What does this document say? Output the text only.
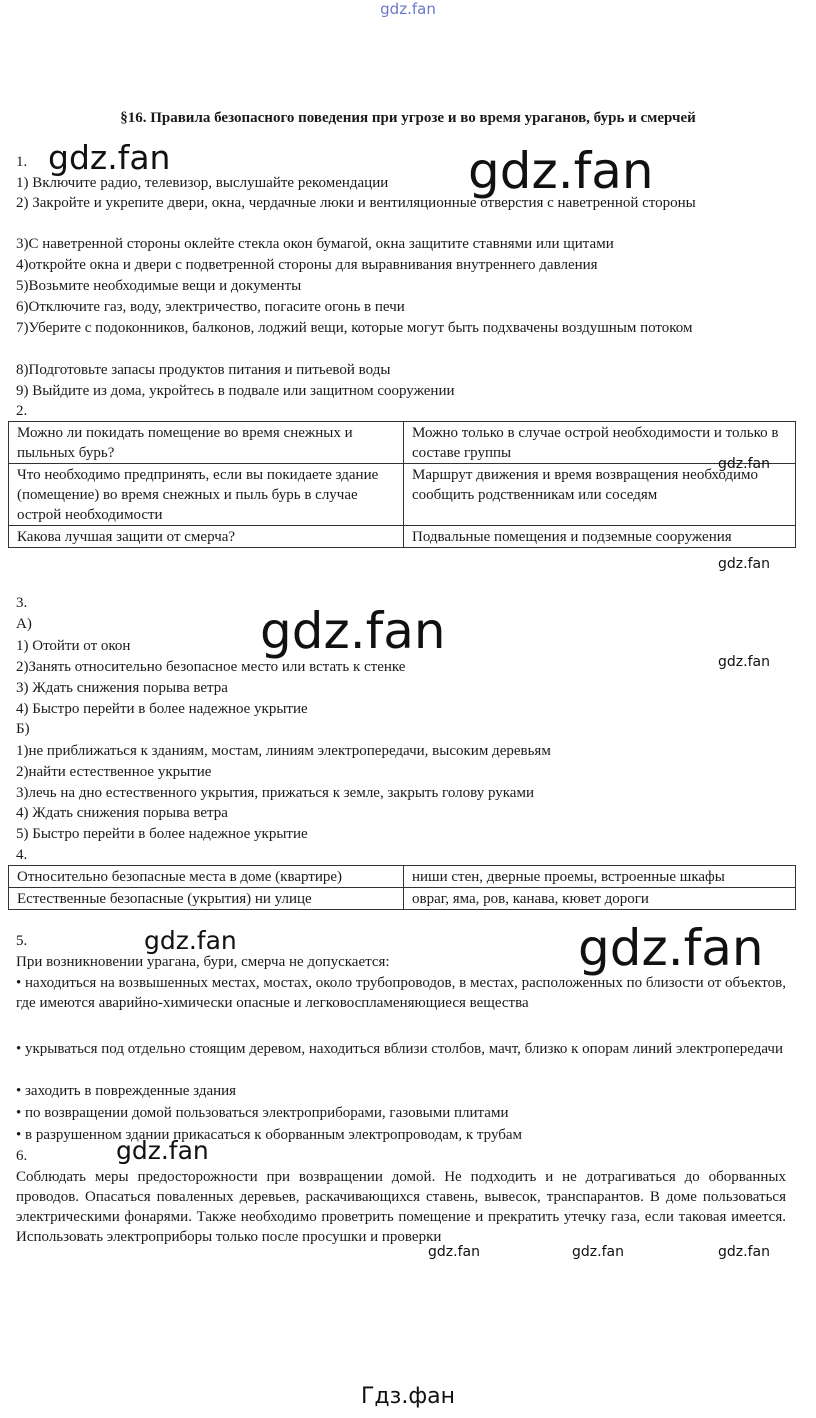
gdz.fan
§16. Правила безопасного поведения при угрозе и во время ураганов, бурь и смерчей
1.
1) Включите радио, телевизор, выслушайте рекомендации
2) Закройте и укрепите двери, окна, чердачные люки и вентиляционные отверстия с наветренной стороны
3)С наветренной стороны оклейте стекла окон бумагой, окна защитите ставнями или щитами
4)откройте окна и двери с подветренной стороны для выравнивания внутреннего давления
5)Возьмите необходимые вещи и документы
6)Отключите газ, воду, электричество, погасите огонь в печи
7)Уберите с подоконников, балконов, лоджий вещи, которые могут быть подхвачены воздушным потоком
8)Подготовьте запасы продуктов питания и питьевой воды
9) Выйдите из дома, укройтесь в подвале или защитном сооружении
2.
Можно ли покидать помещение во время снежных и пыльных бурь?	Можно только в случае острой необходимости и только в составе группы
Что необходимо предпринять, если вы покидаете здание (помещение) во время снежных и пыль бурь в случае острой необходимости	Маршрут движения и время возвращения необходимо сообщить родственникам или соседям
Какова лучшая защити от смерча?	Подвальные помещения и подземные сооружения
3.
А)
1) Отойти от окон
2)Занять относительно безопасное место или встать к стенке
3) Ждать снижения порыва ветра
4) Быстро перейти в более надежное укрытие
Б)
1)не приближаться к зданиям, мостам, линиям электропередачи, высоким деревьям
2)найти естественное укрытие
3)лечь на дно естественного укрытия, прижаться к земле, закрыть голову руками
4) Ждать снижения порыва ветра
5) Быстро перейти в более надежное укрытие
4.
Относительно безопасные места в доме (квартире)	ниши стен, дверные проемы, встроенные шкафы
Естественные безопасные (укрытия) ни улице	овраг, яма, ров, канава, кювет дороги
5.
При возникновении урагана, бури, смерча не допускается:
• находиться на возвышенных местах, мостах, около трубопроводов, в местах, расположенных по близости от объектов, где имеются аварийно-химически опасные и легковоспламеняющиеся вещества
• укрываться под отдельно стоящим деревом, находиться вблизи столбов, мачт, близко к опорам линий электропередачи
• заходить в поврежденные здания
• по возвращении домой пользоваться электроприборами, газовыми плитами
• в разрушенном здании прикасаться к оборванным электропроводам, к трубам
6.
Соблюдать меры предосторожности при возвращении домой. Не подходить и не дотрагиваться до оборванных проводов. Опасаться поваленных деревьев, раскачивающихся ставень, вывесок, транспарантов. В доме пользоваться электрическими фонарями. Также необходимо проветрить помещение и прекратить утечку газа, если таковая имеется. Использовать электроприборы только после просушки и проверки
gdz.fan	gdz.fan
gdz.fan
gdz.fan
gdz.fan
gdz.fan
gdz.fan	gdz.fan
gdz.fan
gdz.fan	gdz.fan	gdz.fan
Гдз.фан
